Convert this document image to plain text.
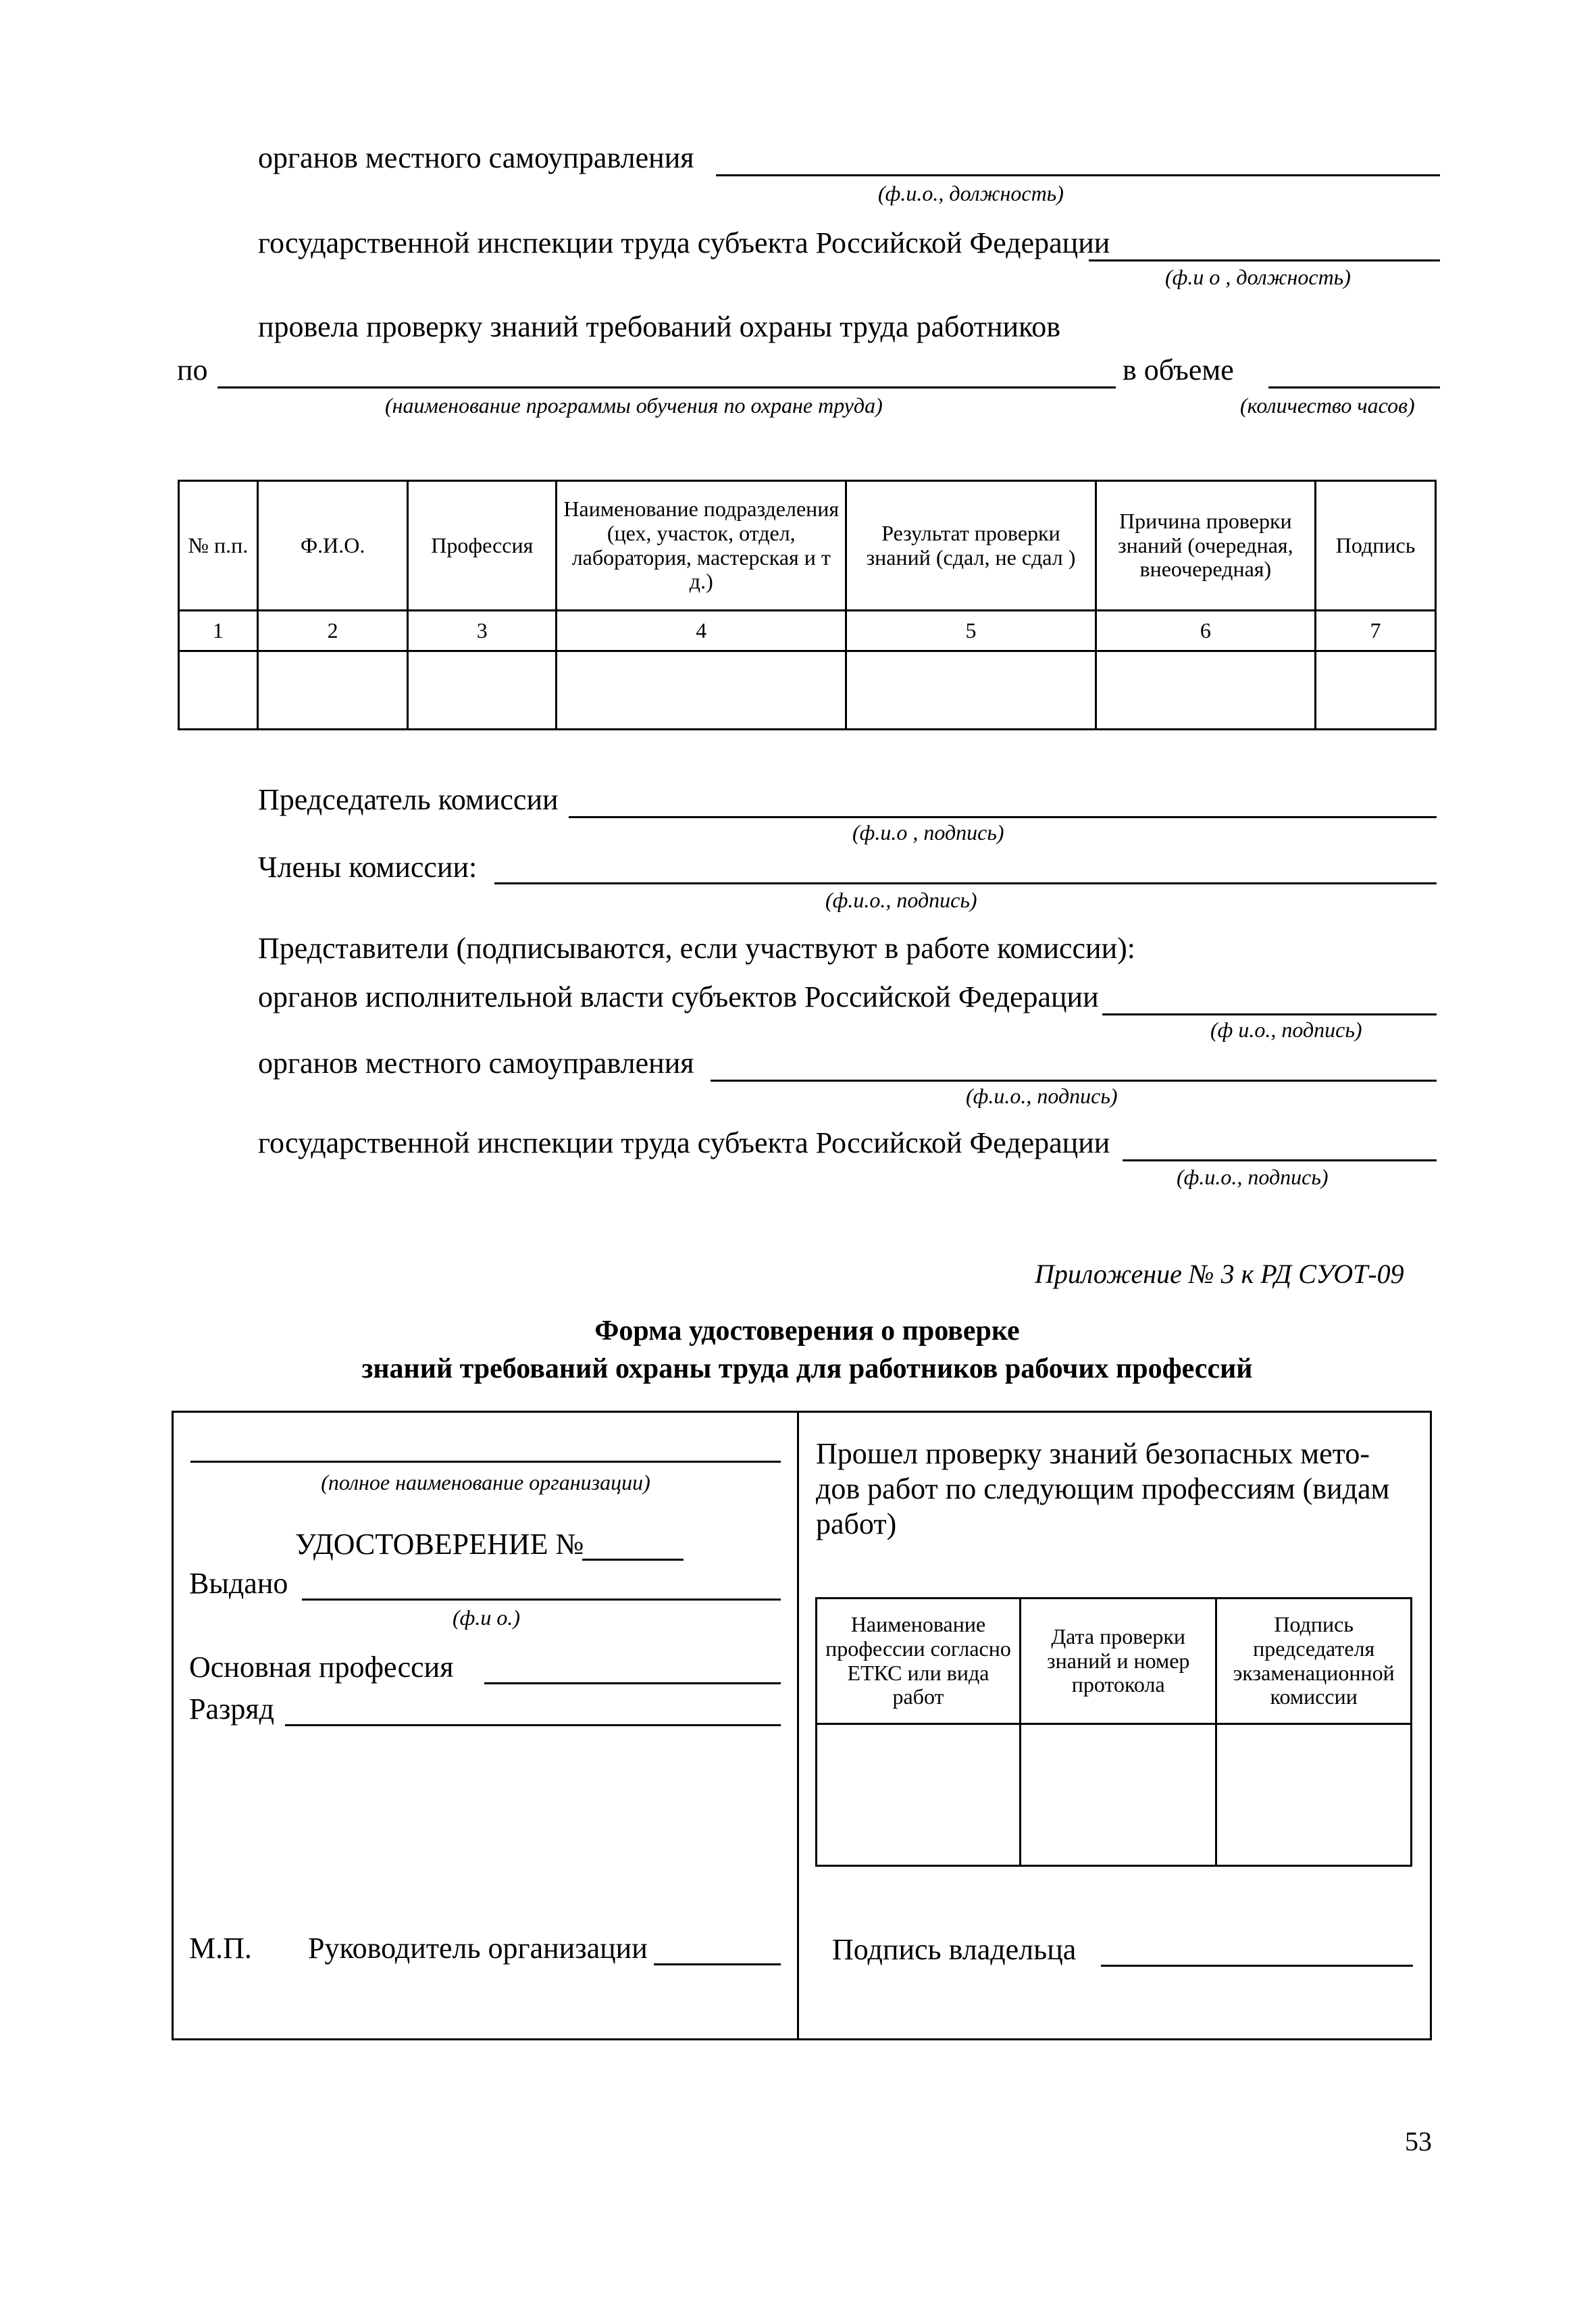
органов местного самоуправления
(ф.и.о., должность)
государственной инспекции труда субъекта Российской Федерации
(ф.и о , должность)
провела проверку знаний требований охраны труда работников
по	в объеме
(наименование программы обучения по охране труда)	(количество часов)
№ п.п.	Ф.И.О.	Профессия	Наименование подразделения (цех, участок, отдел, лаборатория, мастерская и т д.)	Результат проверки знаний (сдал, не сдал )	Причина проверки знаний (очередная, внеочередная)	Подпись
1	2	3	4	5	6	7

Председатель комиссии
(ф.и.о , подпись)
Члены комиссии:
(ф.и.о., подпись)
Представители (подписываются, если участвуют в работе комиссии):
органов исполнительной власти субъектов Российской Федерации
(ф и.о., подпись)
органов местного самоуправления
(ф.и.о., подпись)
государственной инспекции труда субъекта Российской Федерации
(ф.и.о., подпись)
Приложение № 3 к РД СУОТ-09
Форма удостоверения о проверке
знаний требований охраны труда для работников рабочих профессий
(полное наименование организации)
УДОСТОВЕРЕНИЕ №
Выдано
(ф.и о.)
Основная профессия
Разряд
М.П. Руководитель организации
Прошел проверку знаний безопасных мето-
дов работ по следующим профессиям (видам
работ)
Наименование профессии согласно ЕТКС или вида работ	Дата проверки знаний и номер протокола	Подпись председателя экзаменационной комиссии

Подпись владельца
53
